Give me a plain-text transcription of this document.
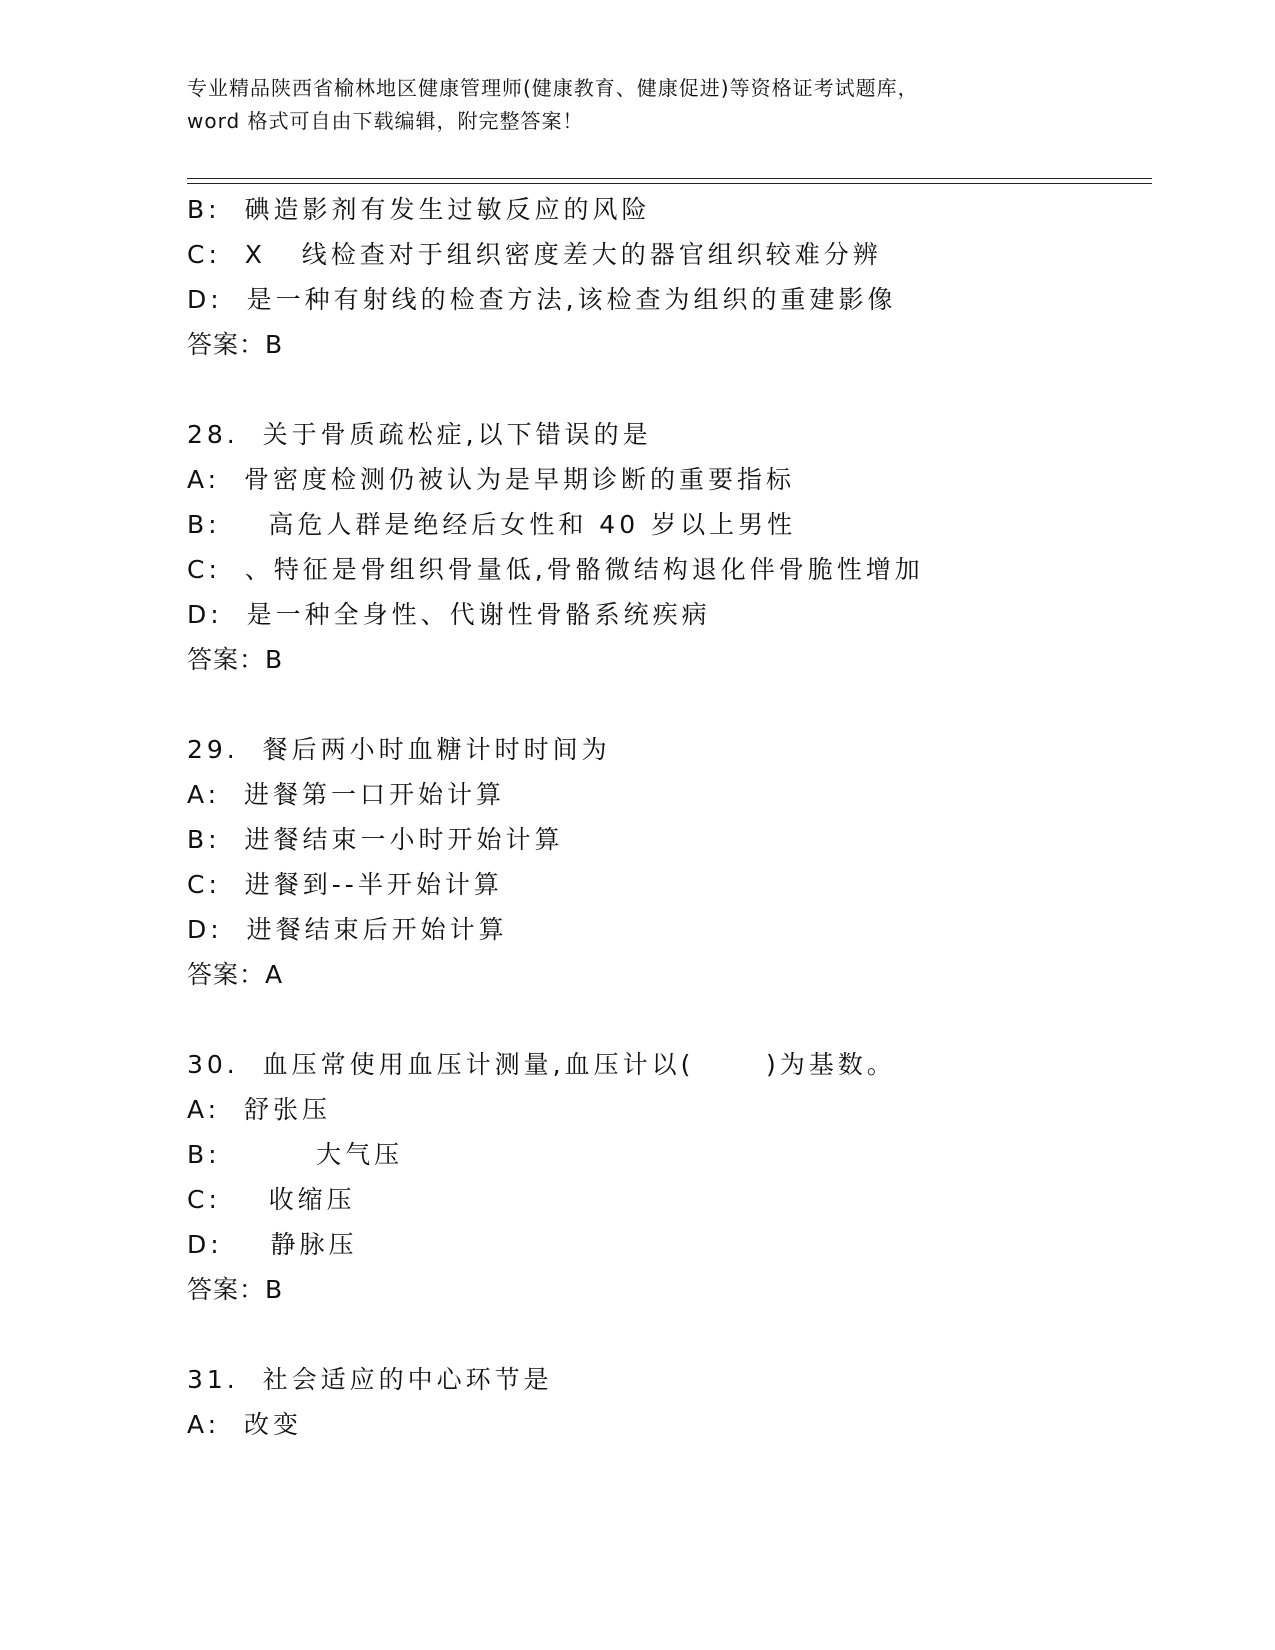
专业精品陕西省榆林地区健康管理师(健康教育、健康促进)等资格证考试题库，
word 格式可自由下载编辑，附完整答案！
B:  碘造影剂有发生过敏反应的风险
C:  X   线检查对于组织密度差大的器官组织较难分辨
D:  是一种有射线的检查方法,该检查为组织的重建影像
答案：B
28.  关于骨质疏松症,以下错误的是
A:  骨密度检测仍被认为是早期诊断的重要指标
B:    高危人群是绝经后女性和 40 岁以上男性
C:  、特征是骨组织骨量低,骨骼微结构退化伴骨脆性增加
D:  是一种全身性、代谢性骨骼系统疾病
答案：B
29.  餐后两小时血糖计时时间为
A:  进餐第一口开始计算
B:  进餐结束一小时开始计算
C:  进餐到--半开始计算
D:  进餐结束后开始计算
答案：A
30.  血压常使用血压计测量,血压计以(      )为基数。
A:  舒张压
B:        大气压
C:    收缩压
D:    静脉压
答案：B
31.  社会适应的中心环节是
A:  改变
